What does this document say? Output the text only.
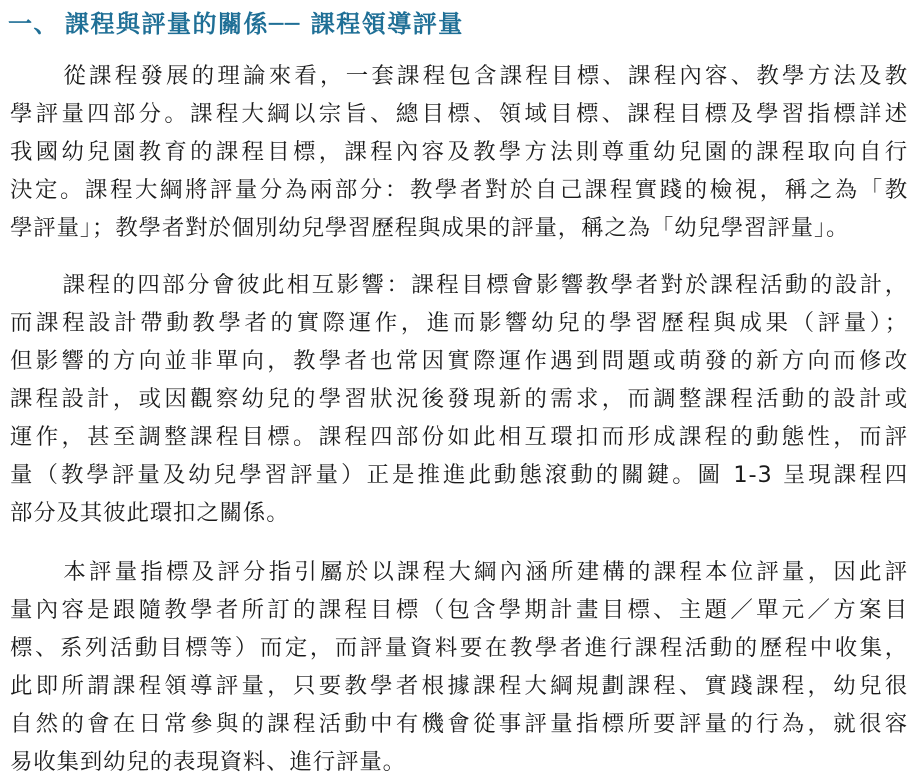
一、 課程與評量的關係── 課程領導評量
從課程發展的理論來看，一套課程包含課程目標、課程內容、教學方法及教
學評量四部分。課程大綱以宗旨、總目標、領域目標、課程目標及學習指標詳述
我國幼兒園教育的課程目標，課程內容及教學方法則尊重幼兒園的課程取向自行
決定。課程大綱將評量分為兩部分：教學者對於自己課程實踐的檢視，稱之為「教
學評量」；教學者對於個別幼兒學習歷程與成果的評量，稱之為「幼兒學習評量」。
課程的四部分會彼此相互影響：課程目標會影響教學者對於課程活動的設計，
而課程設計帶動教學者的實際運作，進而影響幼兒的學習歷程與成果（評量）；
但影響的方向並非單向，教學者也常因實際運作遇到問題或萌發的新方向而修改
課程設計，或因觀察幼兒的學習狀況後發現新的需求，而調整課程活動的設計或
運作，甚至調整課程目標。課程四部份如此相互環扣而形成課程的動態性，而評
量（教學評量及幼兒學習評量）正是推進此動態滾動的關鍵。圖 1-3 呈現課程四
部分及其彼此環扣之關係。
本評量指標及評分指引屬於以課程大綱內涵所建構的課程本位評量，因此評
量內容是跟隨教學者所訂的課程目標（包含學期計畫目標、主題／單元／方案目
標、系列活動目標等）而定，而評量資料要在教學者進行課程活動的歷程中收集，
此即所謂課程領導評量，只要教學者根據課程大綱規劃課程、實踐課程，幼兒很
自然的會在日常參與的課程活動中有機會從事評量指標所要評量的行為，就很容
易收集到幼兒的表現資料、進行評量。
